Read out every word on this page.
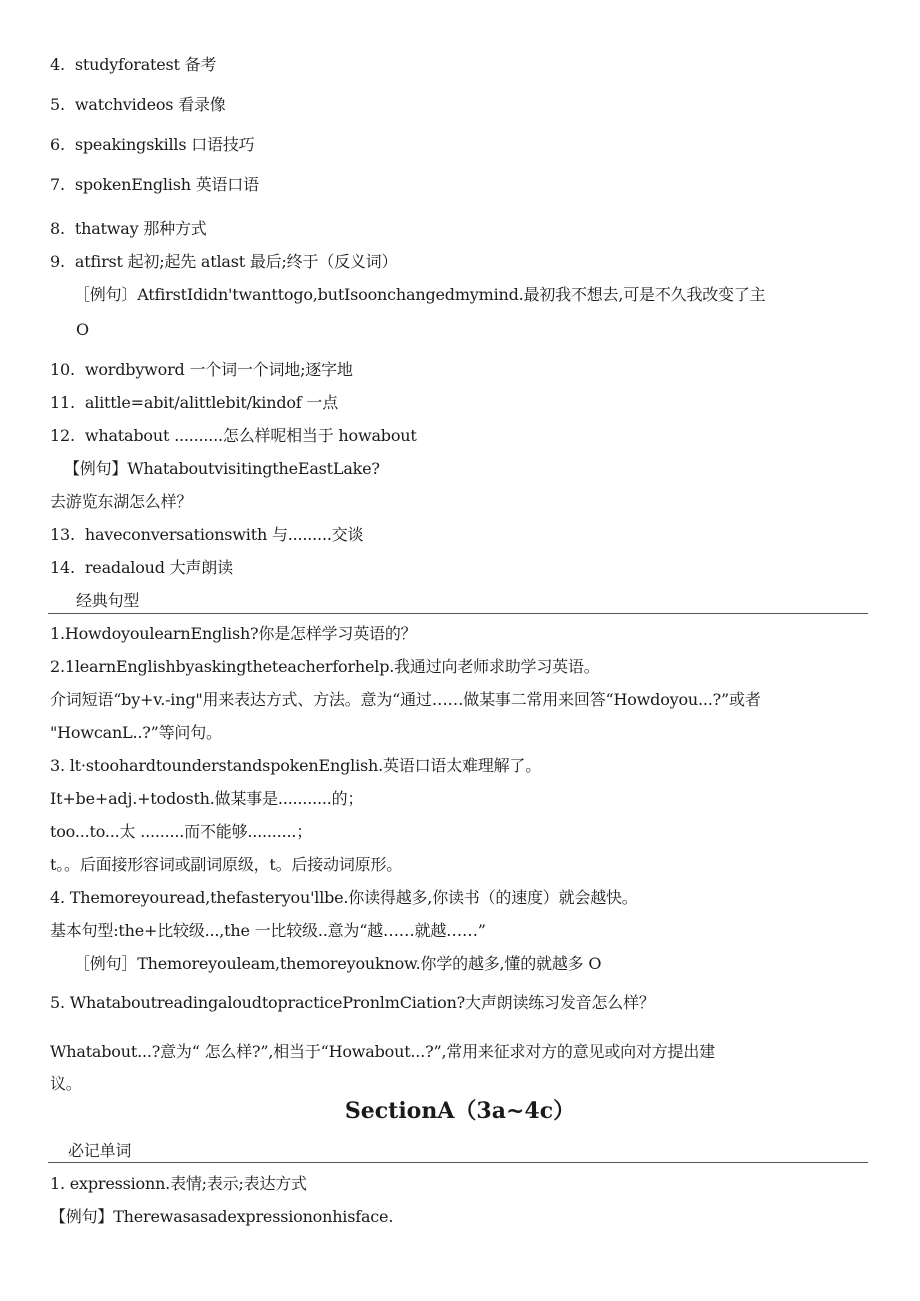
4. studyforatest 备考
5. watchvideos 看录像
6. speakingskills 口语技巧
7. spokenEnglish 英语口语
8. thatway 那种方式
9. atfirst 起初;起先 atlast 最后;终于（反义词）
［例句〕AtfirstIdidn'twanttogo,butIsoonchangedmymind.最初我不想去,可是不久我改变了主
O
10. wordbyword 一个词一个词地;逐字地
11. alittle=abit/alittlebit/kindof 一点
12. whatabout ..........怎么样呢相当于 howabout
【例句】WhataboutvisitingtheEastLake?
去游览东湖怎么样？
13. haveconversationswith 与.........交谈
14. readaloud 大声朗读
经典句型
1.HowdoyoulearnEnglish?你是怎样学习英语的？
2.1learnEnglishbyaskingtheteacherforhelp.我通过向老师求助学习英语。
介词短语“by+v.-ing"用来表达方式、方法。意为“通过……做某事二常用来回答“Howdoyou...?”或者
"HowcanL..?”等问句。
3. lt·stoohardtounderstandspokenEnglish.英语口语太难理解了。
It+be+adj.+todosth.做某事是...........的；
too...to...太 .........而不能够..........；
t。。后面接形容词或副词原级，t。后接动词原形。
4. Themoreyouread,thefasteryou'llbe.你读得越多,你读书（的速度）就会越快。
基本句型:the+比较级...,the 一比较级..意为“越……就越……”
［例句］Themoreyouleam,themoreyouknow.你学的越多,懂的就越多 O
5. WhataboutreadingaloudtopracticePronlmCiation?大声朗读练习发音怎么样？
Whatabout...?意为“ 怎么样?”,相当于“Howabout...?”,常用来征求对方的意见或向对方提出建
议。
SectionA（3a~4c）
必记单词
1. expressionn.表情;表示;表达方式
【例句】Therewasasadexpressiononhisface.
